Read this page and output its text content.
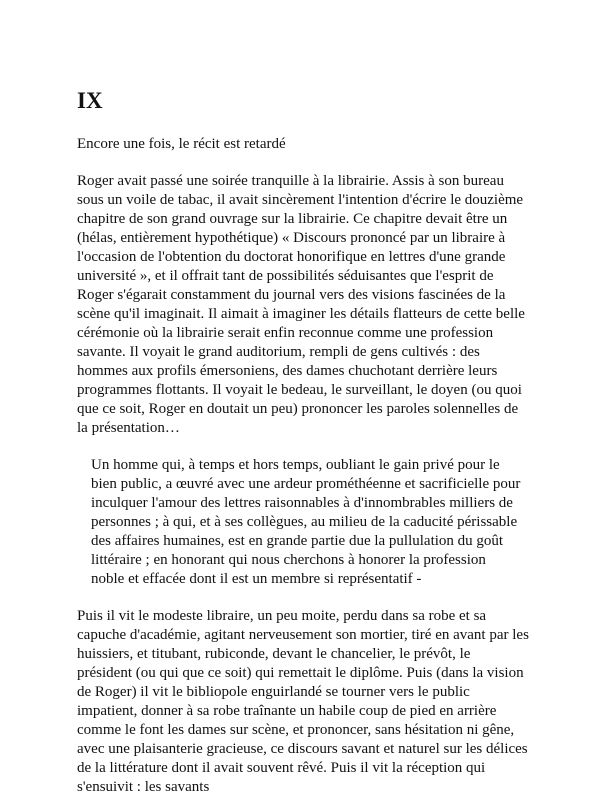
IX
Encore une fois, le récit est retardé

Roger avait passé une soirée tranquille à la librairie. Assis à son bureau sous un voile de tabac, il avait sincèrement l'intention d'écrire le douzième chapitre de son grand ouvrage sur la librairie. Ce chapitre devait être un (hélas, entièrement hypothétique) « Discours prononcé par un libraire à l'occasion de l'obtention du doctorat honorifique en lettres d'une grande université », et il offrait tant de possibilités séduisantes que l'esprit de Roger s'égarait constamment du journal vers des visions fascinées de la scène qu'il imaginait. Il aimait à imaginer les détails flatteurs de cette belle cérémonie où la librairie serait enfin reconnue comme une profession savante. Il voyait le grand auditorium, rempli de gens cultivés : des hommes aux profils émersoniens, des dames chuchotant derrière leurs programmes flottants. Il voyait le bedeau, le surveillant, le doyen (ou quoi que ce soit, Roger en doutait un peu) prononcer les paroles solennelles de la présentation…

Un homme qui, à temps et hors temps, oubliant le gain privé pour le bien public, a œuvré avec une ardeur prométhéenne et sacrificielle pour inculquer l'amour des lettres raisonnables à d'innombrables milliers de personnes ; à qui, et à ses collègues, au milieu de la caducité périssable des affaires humaines, est en grande partie due la pullulation du goût littéraire ; en honorant qui nous cherchons à honorer la profession noble et effacée dont il est un membre si représentatif -

Puis il vit le modeste libraire, un peu moite, perdu dans sa robe et sa capuche d'académie, agitant nerveusement son mortier, tiré en avant par les huissiers, et titubant, rubiconde, devant le chancelier, le prévôt, le président (ou qui que ce soit) qui remettait le diplôme. Puis (dans la vision de Roger) il vit le bibliopole enguirlandé se tourner vers le public impatient, donner à sa robe traînante un habile coup de pied en arrière comme le font les dames sur scène, et prononcer, sans hésitation ni gêne, avec une plaisanterie gracieuse, ce discours savant et naturel sur les délices de la littérature dont il avait souvent rêvé. Puis il vit la réception qui s'ensuivit : les savants
